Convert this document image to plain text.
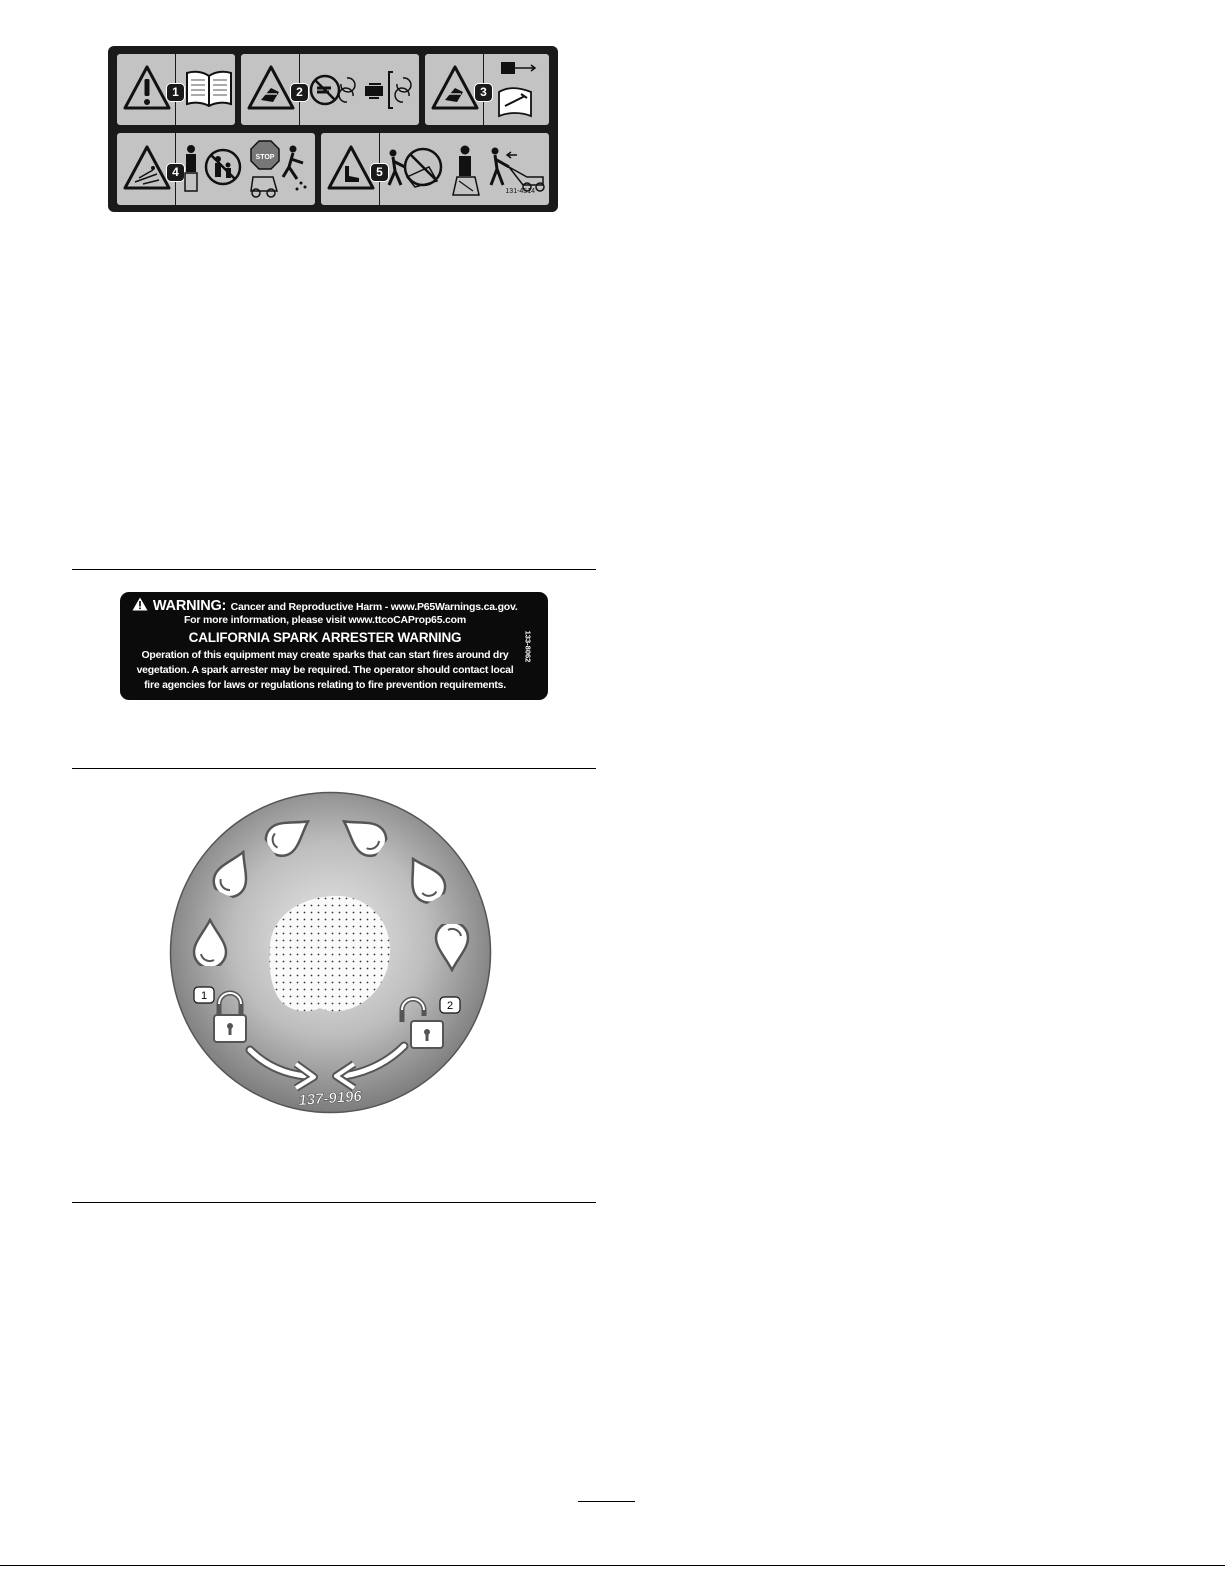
1	2	3
4
STOP
5
131-4514
WARNING: Cancer and Reproductive Harm - www.P65Warnings.ca.gov.
For more information, please visit www.ttcoCAProp65.com
CALIFORNIA SPARK ARRESTER WARNING
Operation of this equipment may create sparks that can start fires around dry
vegetation. A spark arrester may be required. The operator should contact local
fire agencies for laws or regulations relating to fire prevention requirements.
133-8062
1
2
137-9196
